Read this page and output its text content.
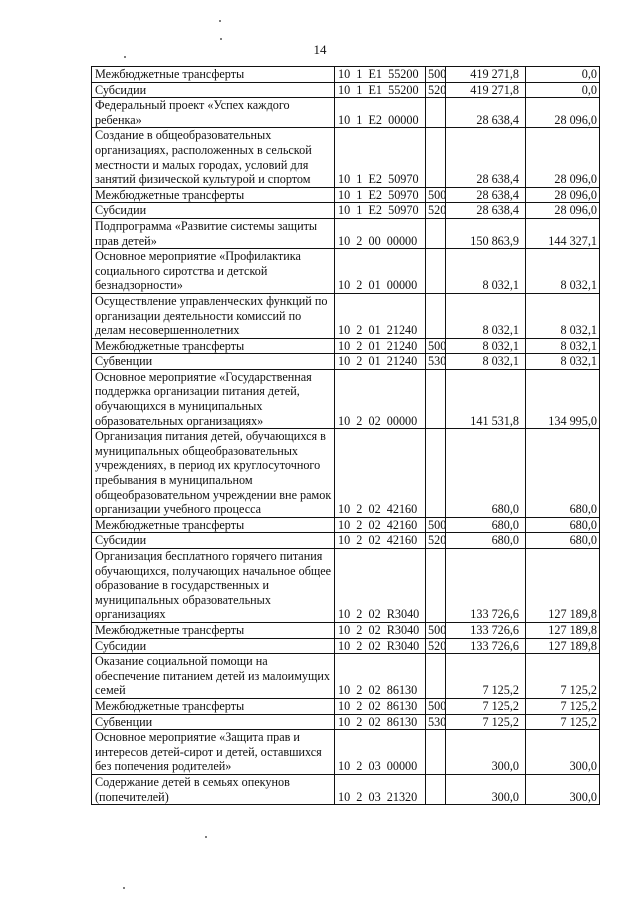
14
Межбюджетные трансферты	10  1  E1  55200	500	419 271,8	0,0
Субсидии	10  1  E1  55200	520	419 271,8	0,0
Федеральный проект «Успех каждого ребенка»	10  1  E2  00000		28 638,4	28 096,0
Создание в общеобразовательных организациях, расположенных в сельской местности и малых городах, условий для занятий физической культурой и спортом	10  1  E2  50970		28 638,4	28 096,0
Межбюджетные трансферты	10  1  E2  50970	500	28 638,4	28 096,0
Субсидии	10  1  E2  50970	520	28 638,4	28 096,0
Подпрограмма «Развитие системы защиты прав детей»	10  2  00  00000		150 863,9	144 327,1
Основное мероприятие «Профилактика социального сиротства и детской безнадзорности»	10  2  01  00000		8 032,1	8 032,1
Осуществление управленческих функций по организации деятельности комиссий по делам несовершеннолетних	10  2  01  21240		8 032,1	8 032,1
Межбюджетные трансферты	10  2  01  21240	500	8 032,1	8 032,1
Субвенции	10  2  01  21240	530	8 032,1	8 032,1
Основное мероприятие «Государственная поддержка организации питания детей, обучающихся в муниципальных образовательных организациях»	10  2  02  00000		141 531,8	134 995,0
Организация питания детей, обучающихся в муниципальных общеобразовательных учреждениях, в период их круглосуточного пребывания в муниципальном общеобразовательном учреждении вне рамок организации учебного процесса	10  2  02  42160		680,0	680,0
Межбюджетные трансферты	10  2  02  42160	500	680,0	680,0
Субсидии	10  2  02  42160	520	680,0	680,0
Организация бесплатного горячего питания обучающихся, получающих начальное общее образование в государственных и муниципальных образовательных организациях	10  2  02  R3040		133 726,6	127 189,8
Межбюджетные трансферты	10  2  02  R3040	500	133 726,6	127 189,8
Субсидии	10  2  02  R3040	520	133 726,6	127 189,8
Оказание социальной помощи на обеспечение питанием детей из малоимущих семей	10  2  02  86130		7 125,2	7 125,2
Межбюджетные трансферты	10  2  02  86130	500	7 125,2	7 125,2
Субвенции	10  2  02  86130	530	7 125,2	7 125,2
Основное мероприятие «Защита прав и интересов детей-сирот и детей, оставшихся без попечения родителей»	10  2  03  00000		300,0	300,0
Содержание детей в семьях опекунов (попечителей)	10  2  03  21320		300,0	300,0
